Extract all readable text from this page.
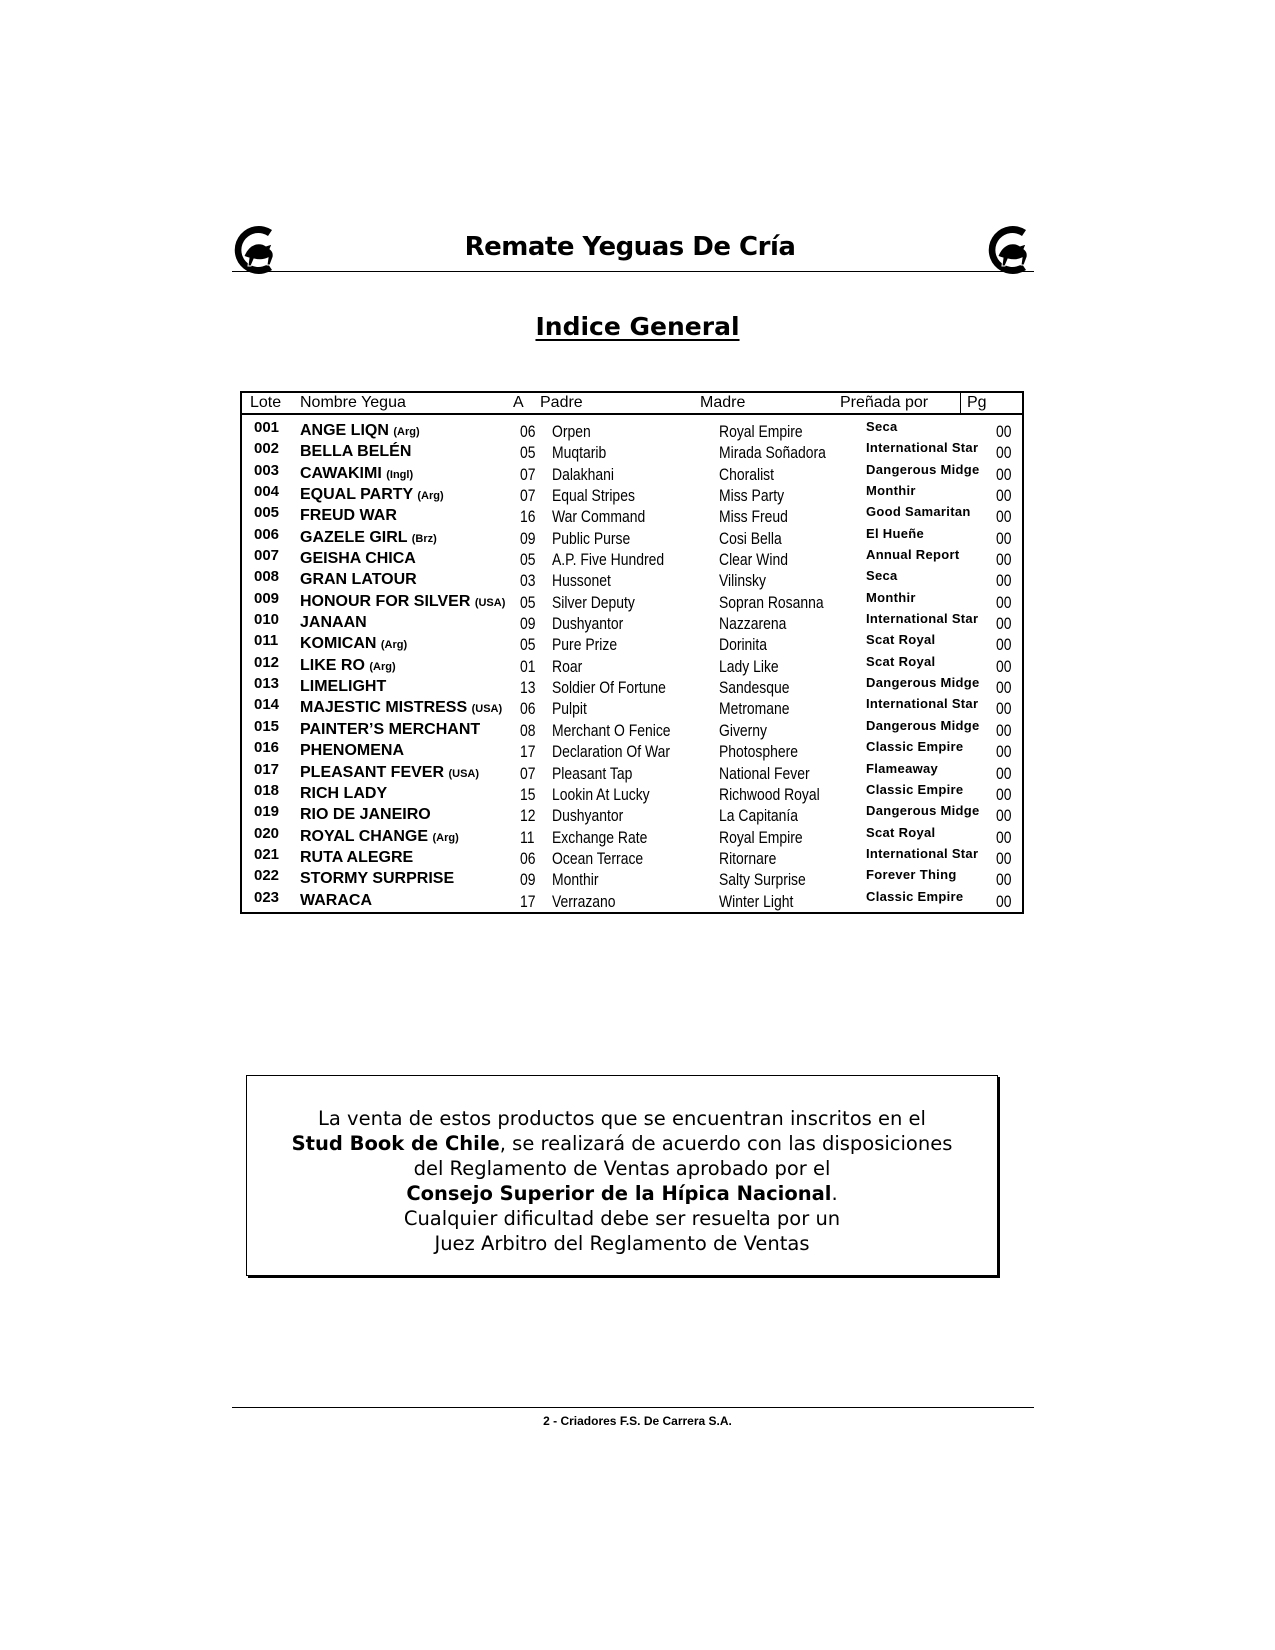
Remate Yeguas De Cría
Indice General
Lote Nombre Yegua	A Padre	Madre	Preñada por Pg
001 ANGE LIQN (Arg)	06 Orpen	Royal Empire	Seca	00
002 BELLA BELÉN	05 Muqtarib	Mirada Soñadora	International Star 00
003 CAWAKIMI (Ingl)	07 Dalakhani	Choralist	Dangerous Midge 00
004 EQUAL PARTY (Arg)	07 Equal Stripes	Miss Party	Monthir	00
005 FREUD WAR	16 War Command	Miss Freud	Good Samaritan 00
006 GAZELE GIRL (Brz)	09 Public Purse	Cosi Bella	El Hueñe	00
007 GEISHA CHICA	05 A.P. Five Hundred	Clear Wind	Annual Report 00
008 GRAN LATOUR	03 Hussonet	Vilinsky	Seca	00
009 HONOUR FOR SILVER (USA) 05 Silver Deputy	Sopran Rosanna	Monthir	00
010 JANAAN	09 Dushyantor	Nazzarena	International Star 00
011 KOMICAN (Arg)	05 Pure Prize	Dorinita	Scat Royal	00
012 LIKE RO (Arg)	01 Roar	Lady Like	Scat Royal	00
013 LIMELIGHT	13 Soldier Of Fortune	Sandesque	Dangerous Midge 00
014 MAJESTIC MISTRESS (USA) 06 Pulpit	Metromane	International Star 00
015 PAINTER’S MERCHANT 08 Merchant O Fenice	Giverny	Dangerous Midge 00
016 PHENOMENA	17 Declaration Of War	Photosphere	Classic Empire 00
017 PLEASANT FEVER (USA) 07 Pleasant Tap	National Fever	Flameaway	00
018 RICH LADY	15 Lookin At Lucky	Richwood Royal	Classic Empire 00
019 RIO DE JANEIRO	12 Dushyantor	La Capitanía	Dangerous Midge 00
020 ROYAL CHANGE (Arg)	11 Exchange Rate	Royal Empire	Scat Royal	00
021 RUTA ALEGRE	06 Ocean Terrace	Ritornare	International Star 00
022 STORMY SURPRISE	09 Monthir	Salty Surprise	Forever Thing 00
023 WARACA	17 Verrazano	Winter Light	Classic Empire 00

La venta de estos productos que se encuentran inscritos en el

Stud Book de Chile, se realizará de acuerdo con las disposiciones

del Reglamento de Ventas aprobado por el

Consejo Superior de la Hípica Nacional.

Cualquier dificultad debe ser resuelta por un

Juez Arbitro del Reglamento de Ventas

2 - Criadores F.S. De Carrera S.A.
